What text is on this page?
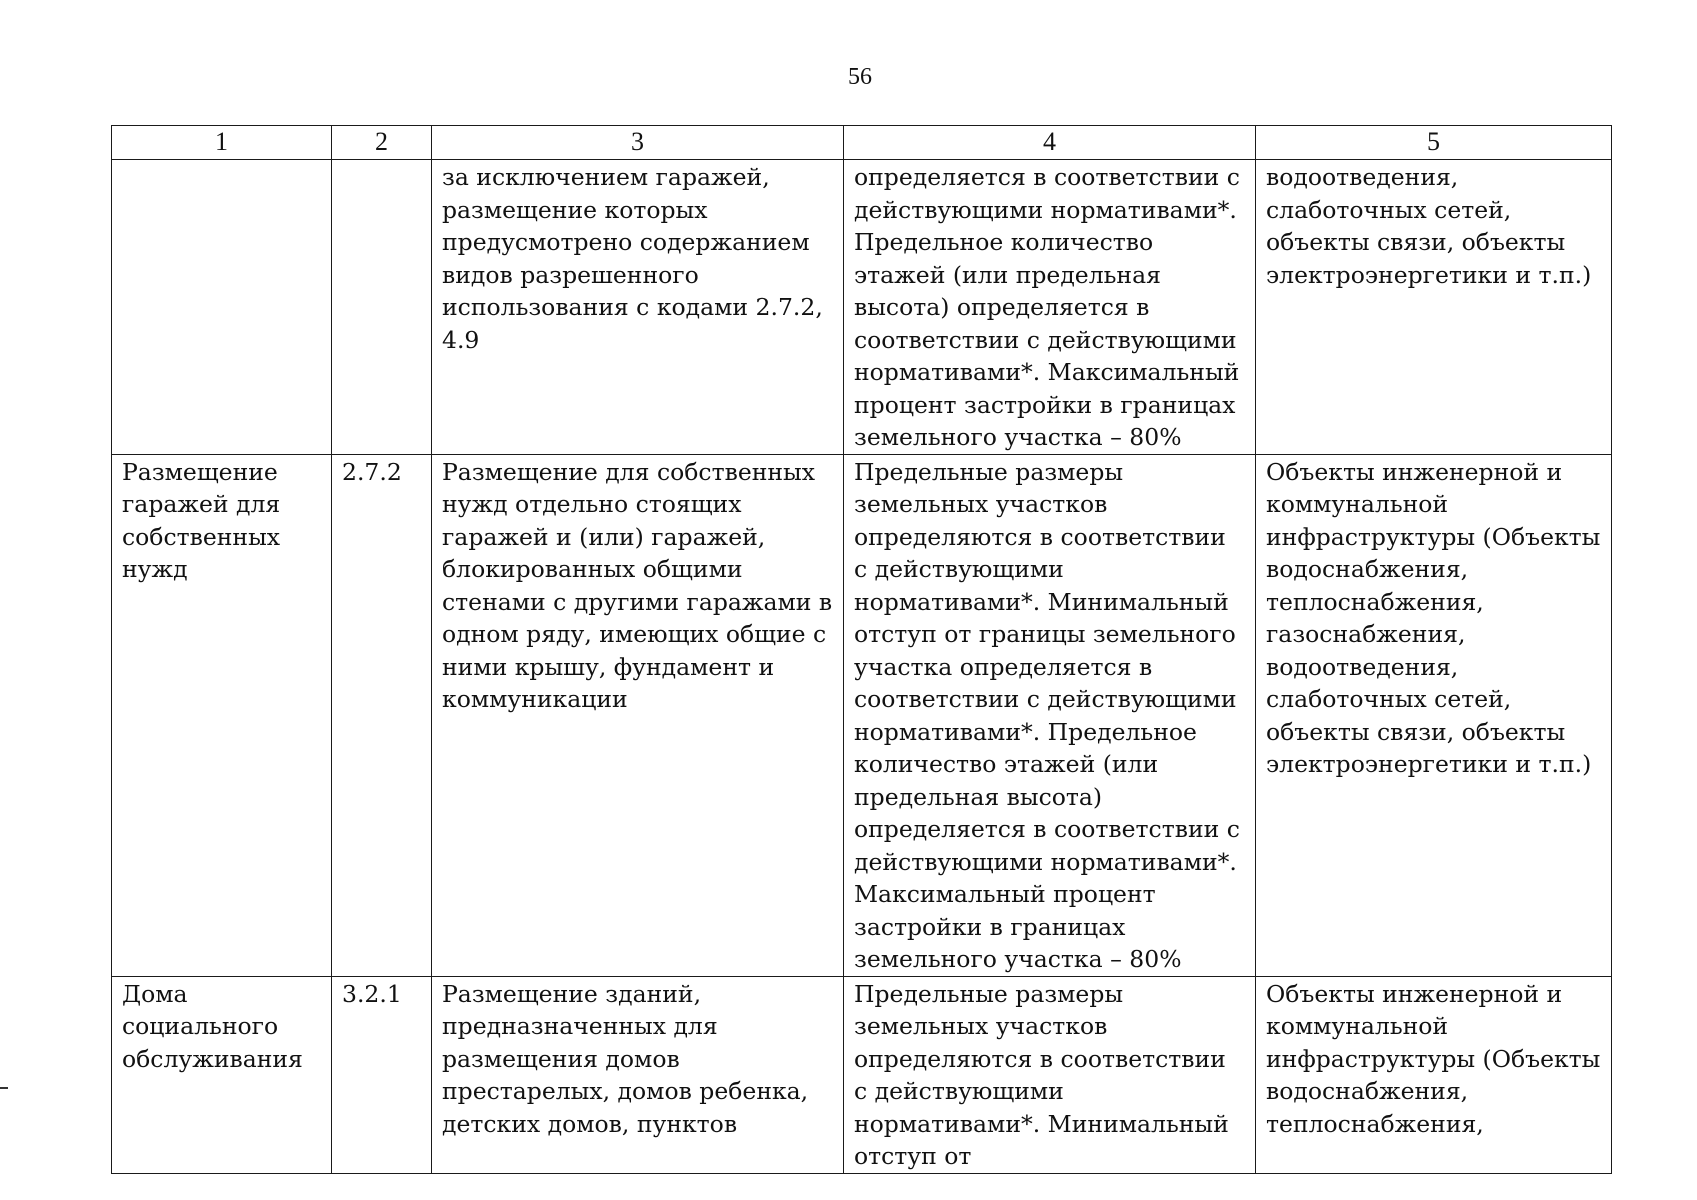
56
1	2	3	4	5
		за исключением гаражей, размещение которых предусмотрено содержанием видов разрешенного использования с кодами 2.7.2, 4.9	определяется в соответствии с действующими нормативами*. Предельное количество этажей (или предельная высота) определяется в соответствии с действующими нормативами*. Максимальный процент застройки в границах земельного участка – 80%	водоотведения, слаботочных сетей, объекты связи, объекты электроэнергетики и т.п.)
Размещение гаражей для собственных нужд	2.7.2	Размещение для собственных нужд отдельно стоящих гаражей и (или) гаражей, блокированных общими стенами с другими гаражами в одном ряду, имеющих общие с ними крышу, фундамент и коммуникации	Предельные размеры земельных участков определяются в соответствии с действующими нормативами*. Минимальный отступ от границы земельного участка определяется в соответствии с действующими нормативами*. Предельное количество этажей (или предельная высота) определяется в соответствии с действующими нормативами*. Максимальный процент застройки в границах земельного участка – 80%	Объекты инженерной и коммунальной инфраструктуры (Объекты водоснабжения, теплоснабжения, газоснабжения, водоотведения, слаботочных сетей, объекты связи, объекты электроэнергетики и т.п.)
Дома социального обслуживания	3.2.1	Размещение зданий, предназначенных для размещения домов престарелых, домов ребенка, детских домов, пунктов	Предельные размеры земельных участков определяются в соответствии с действующими нормативами*. Минимальный отступ от	Объекты инженерной и коммунальной инфраструктуры (Объекты водоснабжения, теплоснабжения,
